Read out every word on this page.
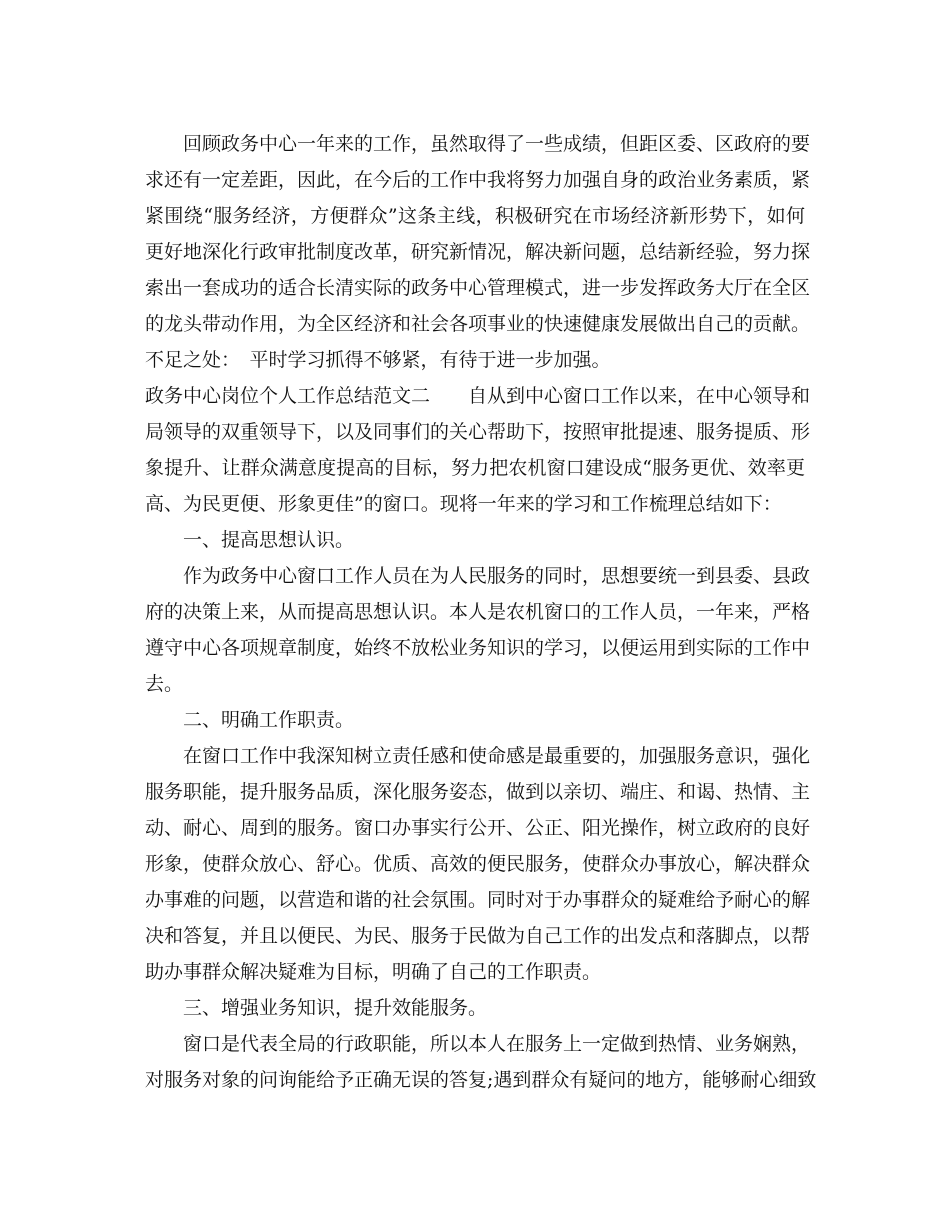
　　回顾政务中心一年来的工作，虽然取得了一些成绩，但距区委、区政府的要
求还有一定差距，因此，在今后的工作中我将努力加强自身的政治业务素质，紧
紧围绕“服务经济，方便群众”这条主线，积极研究在市场经济新形势下，如何
更好地深化行政审批制度改革，研究新情况，解决新问题，总结新经验，努力探
索出一套成功的适合长清实际的政务中心管理模式，进一步发挥政务大厅在全区
的龙头带动作用，为全区经济和社会各项事业的快速健康发展做出自己的贡献。
不足之处：　平时学习抓得不够紧，有待于进一步加强。
政务中心岗位个人工作总结范文二　　自从到中心窗口工作以来，在中心领导和
局领导的双重领导下，以及同事们的关心帮助下，按照审批提速、服务提质、形
象提升、让群众满意度提高的目标，努力把农机窗口建设成“服务更优、效率更
高、为民更便、形象更佳”的窗口。现将一年来的学习和工作梳理总结如下：
　　一、提高思想认识。
　　作为政务中心窗口工作人员在为人民服务的同时，思想要统一到县委、县政
府的决策上来，从而提高思想认识。本人是农机窗口的工作人员，一年来，严格
遵守中心各项规章制度，始终不放松业务知识的学习，以便运用到实际的工作中
去。
　　二、明确工作职责。
　　在窗口工作中我深知树立责任感和使命感是最重要的，加强服务意识，强化
服务职能，提升服务品质，深化服务姿态，做到以亲切、端庄、和谒、热情、主
动、耐心、周到的服务。窗口办事实行公开、公正、阳光操作，树立政府的良好
形象，使群众放心、舒心。优质、高效的便民服务，使群众办事放心，解决群众
办事难的问题，以营造和谐的社会氛围。同时对于办事群众的疑难给予耐心的解
决和答复，并且以便民、为民、服务于民做为自己工作的出发点和落脚点，以帮
助办事群众解决疑难为目标，明确了自己的工作职责。
　　三、增强业务知识，提升效能服务。
　　窗口是代表全局的行政职能，所以本人在服务上一定做到热情、业务娴熟，
对服务对象的问询能给予正确无误的答复;遇到群众有疑问的地方，能够耐心细致
